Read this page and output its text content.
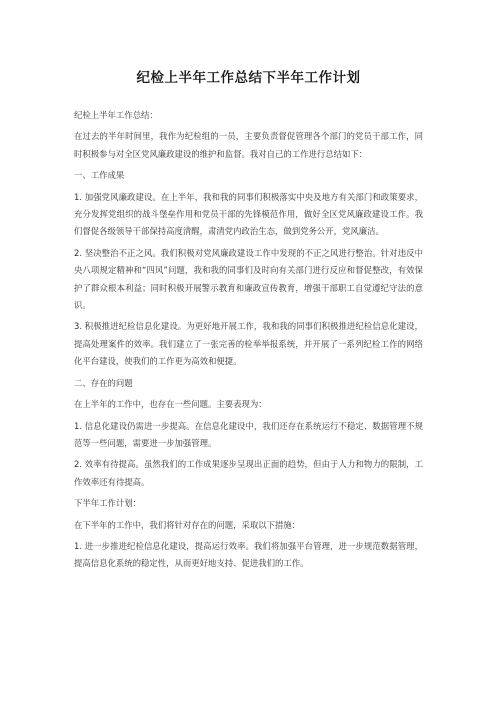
纪检上半年工作总结下半年工作计划

纪检上半年工作总结：

在过去的半年时间里，我作为纪检组的一员，主要负责督促管理各个部门的党员干部工作，同时积极参与对全区党风廉政建设的维护和监督。我对自己的工作进行总结如下：

一、工作成果

1. 加强党风廉政建设。在上半年，我和我的同事们积极落实中央及地方有关部门和政策要求，充分发挥党组织的战斗堡垒作用和党员干部的先锋模范作用，做好全区党风廉政建设工作。我们督促各级领导干部保持高度清醒，肃清党内政治生态，做到党务公开，党风廉洁。

2. 坚决整治不正之风。我们积极对党风廉政建设工作中发现的不正之风进行整治。针对违反中央八项规定精神和“四风”问题，我和我的同事们及时向有关部门进行反应和督促整改，有效保护了群众根本利益；同时积极开展警示教育和廉政宣传教育，增强干部职工自觉遵纪守法的意识。

3. 积极推进纪检信息化建设。为更好地开展工作，我和我的同事们积极推进纪检信息化建设，提高处理案件的效率。我们建立了一张完善的检举举报系统，并开展了一系列纪检工作的网络化平台建设，使我们的工作更为高效和便捷。

二、存在的问题

在上半年的工作中，也存在一些问题。主要表现为：

1. 信息化建设仍需进一步提高。在信息化建设中，我们还存在系统运行不稳定、数据管理不规范等一些问题，需要进一步加强管理。

2. 效率有待提高。虽然我们的工作成果逐步呈现出正面的趋势，但由于人力和物力的限制，工作效率还有待提高。

下半年工作计划：

在下半年的工作中，我们将针对存在的问题，采取以下措施：

1. 进一步推进纪检信息化建设，提高运行效率。我们将加强平台管理，进一步规范数据管理，提高信息化系统的稳定性，从而更好地支持、促进我们的工作。
